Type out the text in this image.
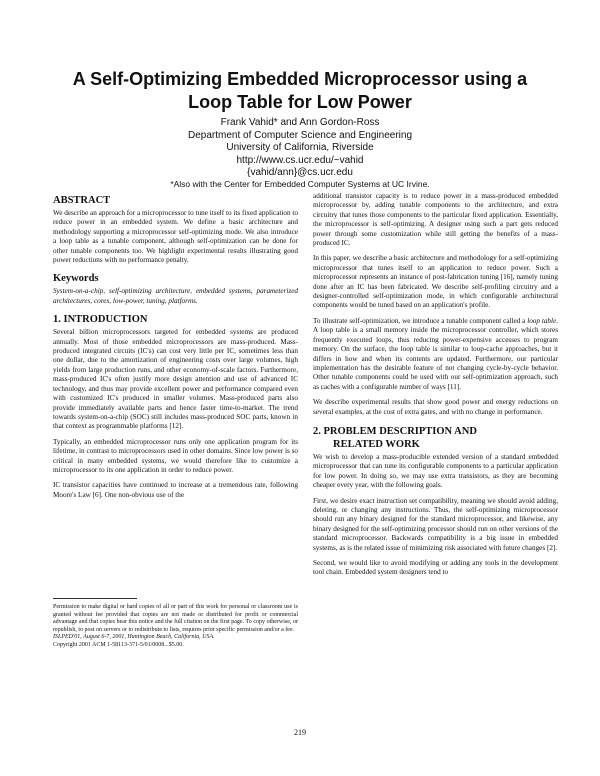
A Self-Optimizing Embedded Microprocessor using a
Loop Table for Low Power
Frank Vahid* and Ann Gordon-Ross
Department of Computer Science and Engineering
University of California, Riverside
http://www.cs.ucr.edu/~vahid
{vahid/ann}@cs.ucr.edu
*Also with the Center for Embedded Computer Systems at UC Irvine.
ABSTRACT

We describe an approach for a microprocessor to tune itself to its fixed application to reduce power in an embedded system. We define a basic architecture and methodology supporting a microprocessor self-optimizing mode. We also introduce a loop table as a tunable component, although self-optimization can be done for other tunable components too. We highlight experimental results illustrating good power reductions with no performance penalty.

Keywords

System-on-a-chip, self-optimizing architecture, embedded systems, parameterized architectures, cores, low-power, tuning, platforms.

1. INTRODUCTION

Several billion microprocessors targeted for embedded systems are produced annually. Most of those embedded microprocessors are mass-produced. Mass-produced integrated circuits (IC's) can cost very little per IC, sometimes less than one dollar, due to the amortization of engineering costs over large volumes, high yields from large production runs, and other economy-of-scale factors. Furthermore, mass-produced IC's often justify more design attention and use of advanced IC technology, and thus may provide excellent power and performance compared even with customized IC's produced in smaller volumes. Mass-produced parts also provide immediately available parts and hence faster time-to-market. The trend towards system-on-a-chip (SOC) still includes mass-produced SOC parts, known in that context as programmable platforms [12].

Typically, an embedded microprocessor runs only one application program for its lifetime, in contrast to microprocessors used in other domains. Since low power is so critical in many embedded systems, we would therefore like to customize a microprocessor to its one application in order to reduce power.

IC transistor capacities have continued to increase at a tremendous rate, following Moore's Law [6]. One non-obvious use of the

Permission to make digital or hard copies of all or part of this work for personal or classroom use is granted without fee provided that copies are not made or distributed for profit or commercial advantage and that copies bear this notice and the full citation on the first page. To copy otherwise, or republish, to post on servers or to redistribute to lists, requires prior specific permission and/or a fee.
ISLPED'01, August 6-7, 2001, Huntington Beach, California, USA.
Copyright 2001 ACM 1-58113-371-5/01/0008...$5.00.

additional transistor capacity is to reduce power in a mass-produced embedded microprocessor by, adding tunable components to the architecture, and extra circuitry that tunes those components to the particular fixed application. Essentially, the microprocessor is self-optimizing. A designer using such a part gets reduced power through some customization while still getting the benefits of a mass-produced IC.

In this paper, we describe a basic architecture and methodology for a self-optimizing microprocessor that tunes itself to an application to reduce power. Such a microprocessor represents an instance of post-fabrication tuning [16], namely tuning done after an IC has been fabricated. We describe self-profiling circuitry and a designer-controlled self-optimization mode, in which configurable architectural components would be tuned based on an application's profile.

To illustrate self-optimization, we introduce a tunable component called a loop table. A loop table is a small memory inside the microprocessor controller, which stores frequently executed loops, thus reducing power-expensive accesses to program memory. On the surface, the loop table is similar to loop-cache approaches, but it differs in how and when its contents are updated. Furthermore, our particular implementation has the desirable feature of not changing cycle-by-cycle behavior. Other tunable components could be used with our self-optimization approach, such as caches with a configurable number of ways [11].

We describe experimental results that show good power and energy reductions on several examples, at the cost of extra gates, and with no change in performance.

2. PROBLEM DESCRIPTION AND
RELATED WORK

We wish to develop a mass-producible extended version of a standard embedded microprocessor that can tune its configurable components to a particular application for low power. In doing so, we may use extra transistors, as they are becoming cheaper every year, with the following goals.

First, we desire exact instruction set compatibility, meaning we should avoid adding, deleting, or changing any instructions. Thus, the self-optimizing microprocessor should run any binary designed for the standard microprocessor, and likewise, any binary designed for the self-optimizing processor should run on other versions of the standard microprocessor. Backwards compatibility is a big issue in embedded systems, as is the related issue of minimizing risk associated with future changes [2].

Second, we would like to avoid modifying or adding any tools in the development tool chain. Embedded system designers tend to

219
